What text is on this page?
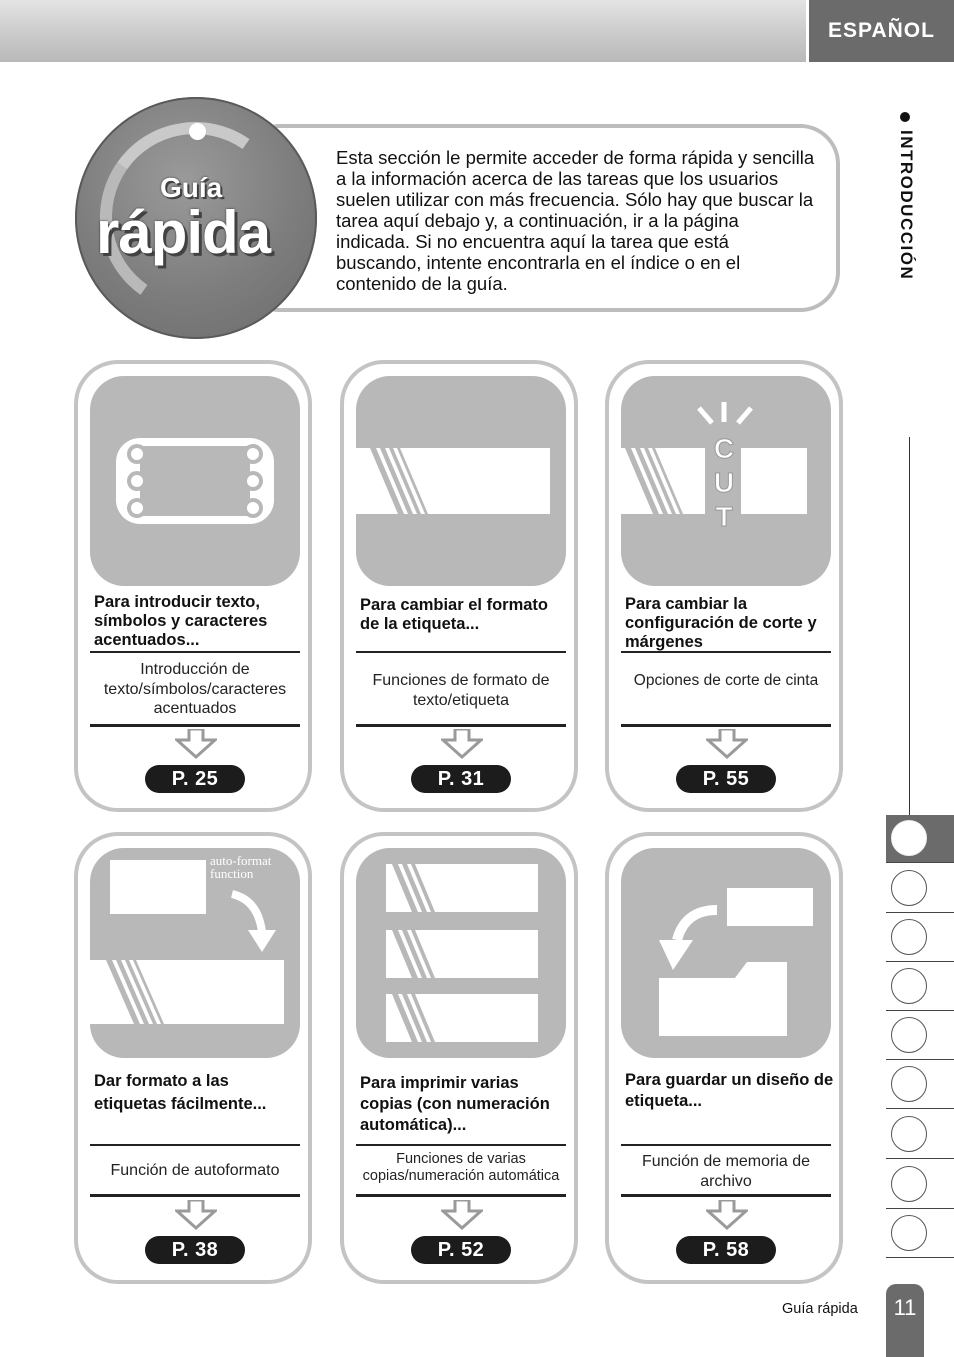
ESPAÑOL
INTRODUCCIÓN
Esta sección le permite acceder de forma rápida y sencilla a la información acerca de las tareas que los usuarios suelen utilizar con más frecuencia. Sólo hay que buscar la tarea aquí debajo y, a continuación, ir a la página indicada. Si no encuentra aquí la tarea que está buscando, intente encontrarla en el índice o en el contenido de la guía.
Guía
rápida
Para introducir texto, símbolos y caracteres acentuados...
Introducción de texto/símbolos/caracteres acentuados
P. 25
Para cambiar el formato de la etiqueta...
Funciones de formato de texto/etiqueta
P. 31
C
U
T
Para cambiar la configuración de corte y márgenes
Opciones de corte de cinta
P. 55
auto-format
function
Dar formato a las etiquetas fácilmente...
Función de autoformato
P. 38
Para imprimir varias copias (con numeración automática)...
Funciones de varias copias/numeración automática
P. 52
Para guardar un diseño de etiqueta...
Función de memoria de archivo
P. 58
Guía rápida	11
